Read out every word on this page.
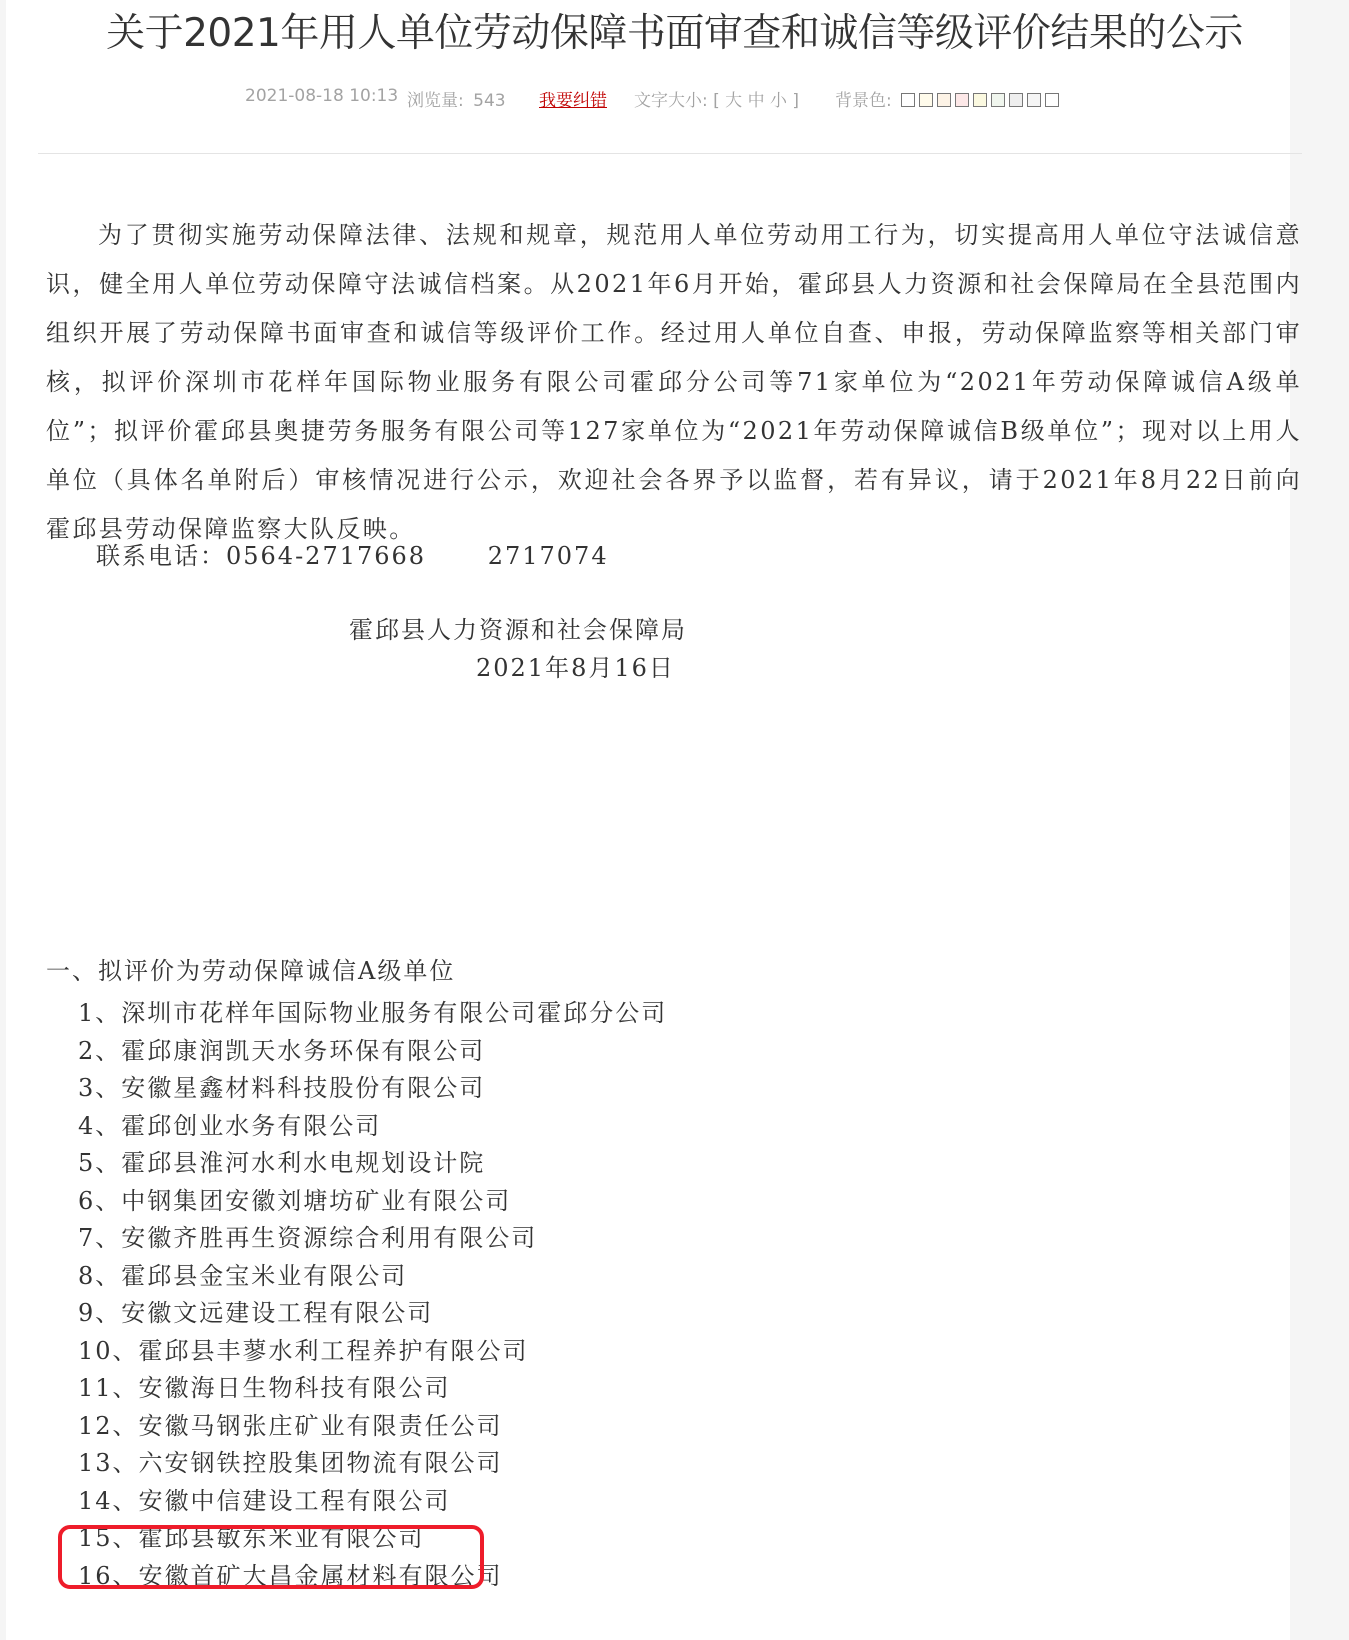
关于2021年用人单位劳动保障书面审查和诚信等级评价结果的公示
2021-08-18 10:13 浏览量: 543 我要纠错 文字大小: [ 大 中 小 ] 背景色:
为了贯彻实施劳动保障法律、法规和规章，规范用人单位劳动用工行为，切实提高用人单位守法诚信意识，健全用人单位劳动保障守法诚信档案。从2021年6月开始，霍邱县人力资源和社会保障局在全县范围内组织开展了劳动保障书面审查和诚信等级评价工作。经过用人单位自查、申报，劳动保障监察等相关部门审核，拟评价深圳市花样年国际物业服务有限公司霍邱分公司等71家单位为“2021年劳动保障诚信A级单位”；拟评价霍邱县奥捷劳务服务有限公司等127家单位为“2021年劳动保障诚信B级单位”；现对以上用人单位（具体名单附后）审核情况进行公示，欢迎社会各界予以监督，若有异议，请于2021年8月22日前向霍邱县劳动保障监察大队反映。
联系电话：0564-2717668　　 2717074
霍邱县人力资源和社会保障局
2021年8月16日
一、拟评价为劳动保障诚信A级单位
1、深圳市花样年国际物业服务有限公司霍邱分公司
2、霍邱康润凯天水务环保有限公司
3、安徽星鑫材料科技股份有限公司
4、霍邱创业水务有限公司
5、霍邱县淮河水利水电规划设计院
6、中钢集团安徽刘塘坊矿业有限公司
7、安徽齐胜再生资源综合利用有限公司
8、霍邱县金宝米业有限公司
9、安徽文远建设工程有限公司
10、霍邱县丰蓼水利工程养护有限公司
11、安徽海日生物科技有限公司
12、安徽马钢张庄矿业有限责任公司
13、六安钢铁控股集团物流有限公司
14、安徽中信建设工程有限公司
15、霍邱县敏东米业有限公司
16、安徽首矿大昌金属材料有限公司
